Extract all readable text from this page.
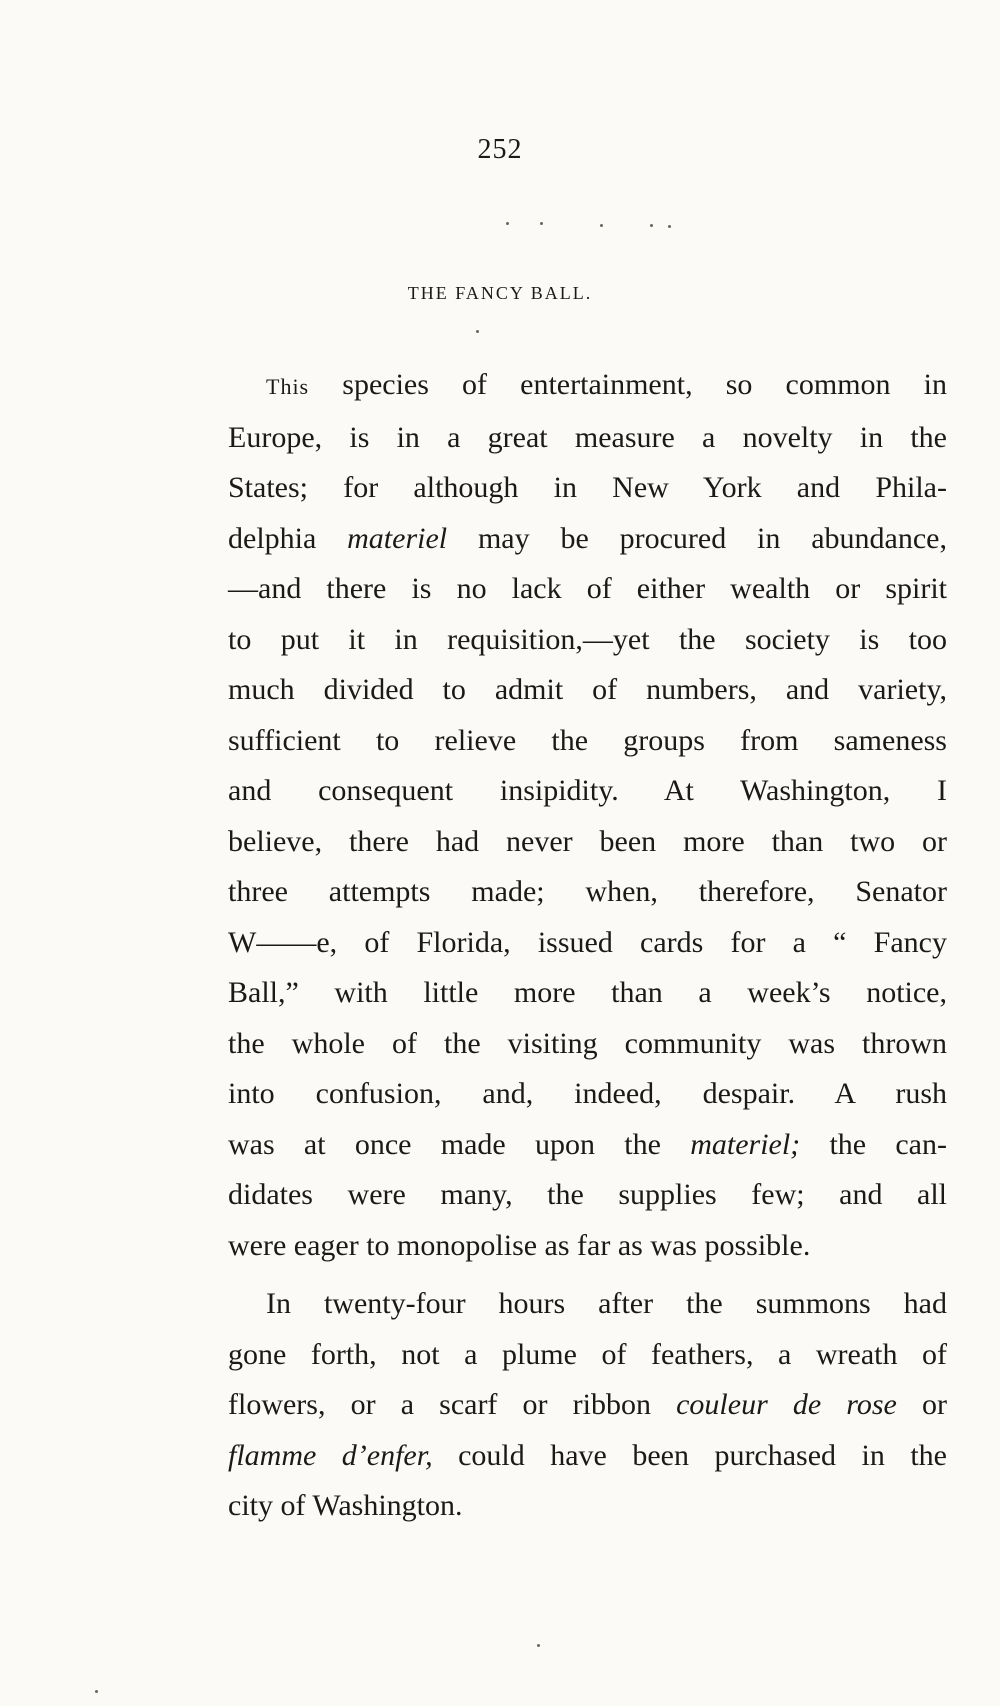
252
THE FANCY BALL.

This species of entertainment, so common in
Europe, is in a great measure a novelty in the
States; for although in New York and Phila-
delphia materiel may be procured in abundance,
—and there is no lack of either wealth or spirit
to put it in requisition,—yet the society is too
much divided to admit of numbers, and variety,
sufficient to relieve the groups from sameness
and consequent insipidity. At Washington, I
believe, there had never been more than two or
three attempts made; when, therefore, Senator
W——e, of Florida, issued cards for a “ Fancy
Ball,” with little more than a week’s notice,
the whole of the visiting community was thrown
into confusion, and, indeed, despair. A rush
was at once made upon the materiel; the can-
didates were many, the supplies few; and all
were eager to monopolise as far as was possible.

In twenty-four hours after the summons had
gone forth, not a plume of feathers, a wreath of
flowers, or a scarf or ribbon couleur de rose or
flamme d’enfer, could have been purchased in the
city of Washington.
